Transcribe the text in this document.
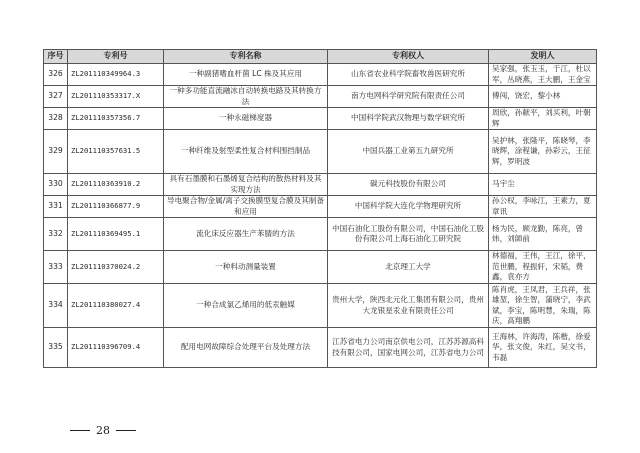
序号	专利号	专利名称	专利权人	发明人
326	ZL201110349964.3	一种副猪嗜血杆菌 LC 株及其应用	山东省农业科学院畜牧兽医研究所	吴家强，张玉玉，于江，杜以军，丛晓燕，王大鹏，王金宝
327	ZL201110353317.X	一种多功能直流融冰自动转换电路及其转换方法	南方电网科学研究院有限责任公司	傅闯，饶宏，黎小林
328	ZL201110357356.7	一种永磁梯度器	中国科学院武汉物理与数学研究所	周欣，孙献平，刘买利，叶朝辉
329	ZL201110357631.5	一种纤维及射型柔性复合材料围挡制品	中国兵器工业第五九研究所	吴护林，张隆平，陈晓琴，李晓辉，涂程谦，孙彩云，王征辉，罗明波
330	ZL201110363910.2	具有石墨膜和石墨烯复合结构的散热材料及其实现方法	碳元科技股份有限公司	马宇尘
331	ZL201110366877.9	导电聚合物/金属/离子交换膜型复合膜及其制备和应用	中国科学院大连化学物理研究所	孙公权，李咏江，王素力，夏章讯
332	ZL201110369495.1	流化床反应器生产苯腈的方法	中国石油化工股份有限公司，中国石油化工股份有限公司上海石油化工研究院	杨为民，顾龙勤，陈亮，曾炜，刘師前
333	ZL201110370024.2	一种料动测量装置	北京理工大学	林德福，王伟，王江，徐平，范世鹏，程振轩，宋韬，费鑫，袁亦方
334	ZL201110380027.4	一种合成氯乙烯用的低汞触媒	贵州大学，陕西北元化工集团有限公司，贵州大龙银星汞业有限责任公司	陈肖虎，王凤君，王兵祥，张雄堃，徐生智，蒲晓宁，李武斌，李宝，陈明慧，朱瑞，陈庆，高翔鹏
335	ZL201110396709.4	配用电网故障综合处理平台及处理方法	江苏省电力公司南京供电公司，江苏苏源高科技有限公司，国家电网公司，江苏省电力公司	王海林，许海涛，陈楷，徐爱华，张文俊，朱红，吴文书，韦磊
28
